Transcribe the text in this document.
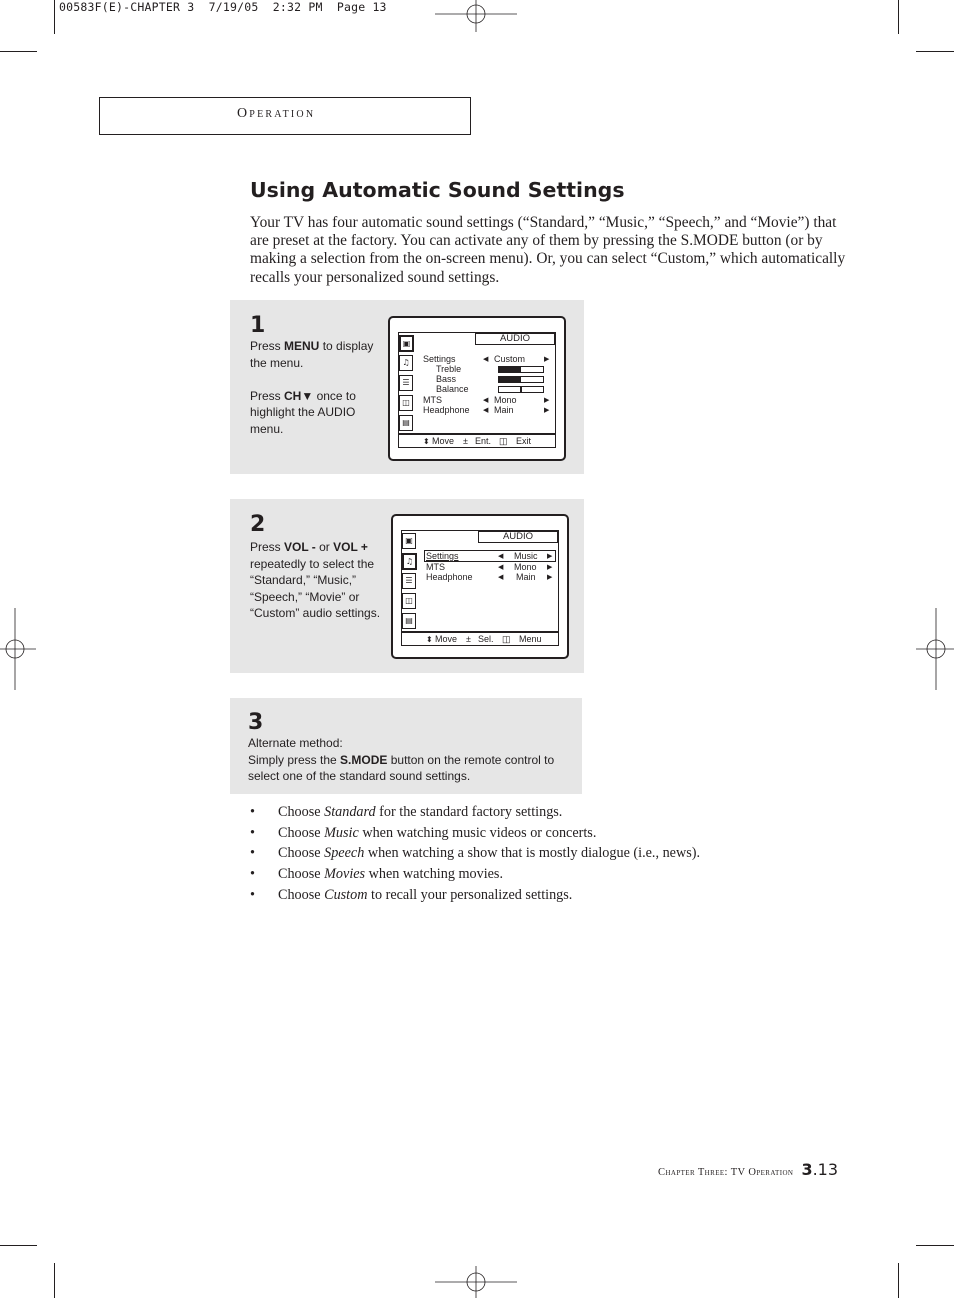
00583F(E)-CHAPTER 3  7/19/05  2:32 PM  Page 13
Operation
Using Automatic Sound Settings
Your TV has four automatic sound settings (“Standard,” “Music,” “Speech,” and “Movie”) that are preset at the factory. You can activate any of them by pressing the S.MODE button (or by making a selection from the on-screen menu). Or, you can select “Custom,” which automatically recalls your personalized sound settings.
1
Press MENU to display
the menu.
Press CH▼ once to
highlight the AUDIO
menu.
AUDIO
▣
♫
☰
◫
▤
Settings	◀ Custom	▶
Treble
Bass
Balance
MTS	◀ Mono	▶
Headphone ◀ Main	▶
⬍ Move ± Ent. ◫ Exit
2
Press VOL - or VOL +
repeatedly to select the
“Standard,” “Music,”
“Speech,” “Movie” or
“Custom” audio settings.
AUDIO
▣
♫
☰
◫
▤
Settings	◀ Music ▶
MTS	◀ Mono ▶
Headphone	◀ Main ▶
⬍ Move ± Sel. ◫ Menu
3
Alternate method:
Simply press the S.MODE button on the remote control to
select one of the standard sound settings.
• Choose Standard for the standard factory settings.
• Choose Music when watching music videos or concerts.
• Choose Speech when watching a show that is mostly dialogue (i.e., news).
• Choose Movies when watching movies.
• Choose Custom to recall your personalized settings.
Chapter Three: TV Operation 3.13
